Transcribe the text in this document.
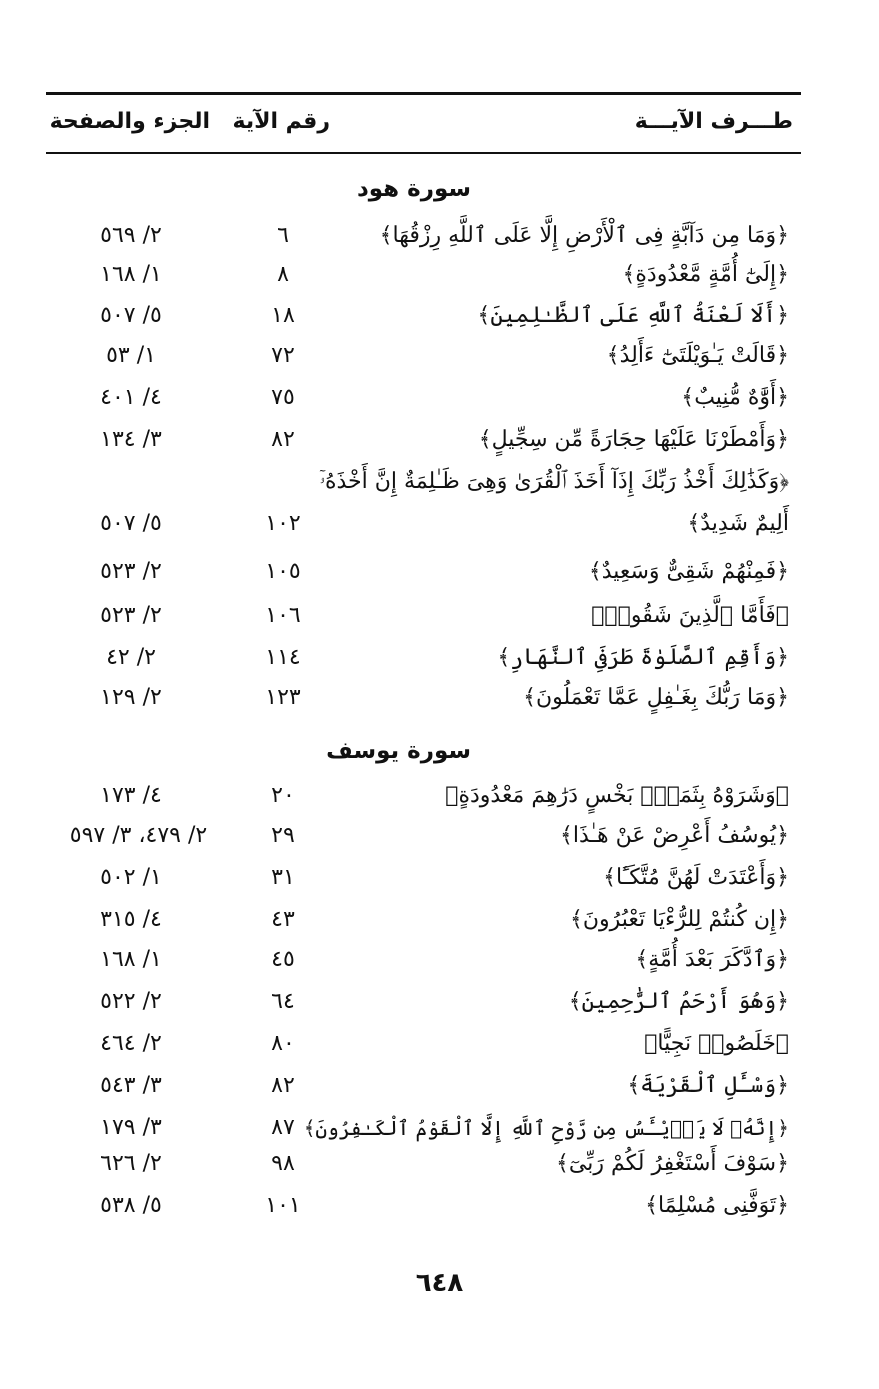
طـــرف الآيـــة
رقم الآية
الجزء والصفحة
سورة هود
﴿وَمَا مِن دَآبَّةٍ فِى ٱلْأَرْضِ إِلَّا عَلَى ٱللَّهِ رِزْقُهَا﴾
٦
٢/ ٥٦٩
﴿إِلَىٰٓ أُمَّةٍ مَّعْدُودَةٍ﴾
٨
١/ ١٦٨
﴿أَلَا لَعْنَةُ ٱللَّهِ عَلَى ٱلظَّـٰلِمِينَ﴾
١٨
٥/ ٥٠٧
﴿قَالَتْ يَـٰوَيْلَتَىٰٓ ءَأَلِدُ﴾
٧٢
١/ ٥٣
﴿أَوَّٰهٌ مُّنِيبٌ﴾
٧٥
٤/ ٤٠١
﴿وَأَمْطَرْنَا عَلَيْهَا حِجَارَةً مِّن سِجِّيلٍ﴾
٨٢
٣/ ١٣٤
﴿وَكَذَٰلِكَ أَخْذُ رَبِّكَ إِذَآ أَخَذَ ٱلْقُرَىٰ وَهِىَ ظَـٰلِمَةٌ إِنَّ أَخْذَهُۥٓ
أَلِيمٌ شَدِيدٌ﴾
١٠٢
٥/ ٥٠٧
﴿فَمِنْهُمْ شَقِىٌّ وَسَعِيدٌ﴾
١٠٥
٢/ ٥٢٣
﴿فَأَمَّا ٱلَّذِينَ شَقُوا۟﴾
١٠٦
٢/ ٥٢٣
﴿وَأَقِمِ ٱلصَّلَوٰةَ طَرَفَىِ ٱلنَّهَارِ﴾
١١٤
٢/ ٤٢
﴿وَمَا رَبُّكَ بِغَـٰفِلٍ عَمَّا تَعْمَلُونَ﴾
١٢٣
٢/ ١٢٩
سورة يوسف
﴿وَشَرَوْهُ بِثَمَنٍۭ بَخْسٍ دَرَٰهِمَ مَعْدُودَةٍ﴾
٢٠
٤/ ١٧٣
﴿يُوسُفُ أَعْرِضْ عَنْ هَـٰذَا﴾
٢٩
٢/ ٤٧٩، ٣/ ٥٩٧
﴿وَأَعْتَدَتْ لَهُنَّ مُتَّكَـًٔا﴾
٣١
١/ ٥٠٢
﴿إِن كُنتُمْ لِلرُّءْيَا تَعْبُرُونَ﴾
٤٣
٤/ ٣١٥
﴿وَٱدَّكَرَ بَعْدَ أُمَّةٍ﴾
٤٥
١/ ١٦٨
﴿وَهُوَ أَرْحَمُ ٱلرَّٰحِمِينَ﴾
٦٤
٢/ ٥٢٢
﴿خَلَصُوا۟ نَجِيًّا﴾
٨٠
٢/ ٤٦٤
﴿وَسْـَٔلِ ٱلْقَرْيَةَ﴾
٨٢
٣/ ٥٤٣
﴿إِنَّهُۥ لَا يَا۟يْـَٔسُ مِن رَّوْحِ ٱللَّهِ إِلَّا ٱلْقَوْمُ ٱلْكَـٰفِرُونَ﴾
٨٧
٣/ ١٧٩
﴿سَوْفَ أَسْتَغْفِرُ لَكُمْ رَبِّىٓ﴾
٩٨
٢/ ٦٢٦
﴿تَوَفَّنِى مُسْلِمًا﴾
١٠١
٥/ ٥٣٨
٦٤٨
